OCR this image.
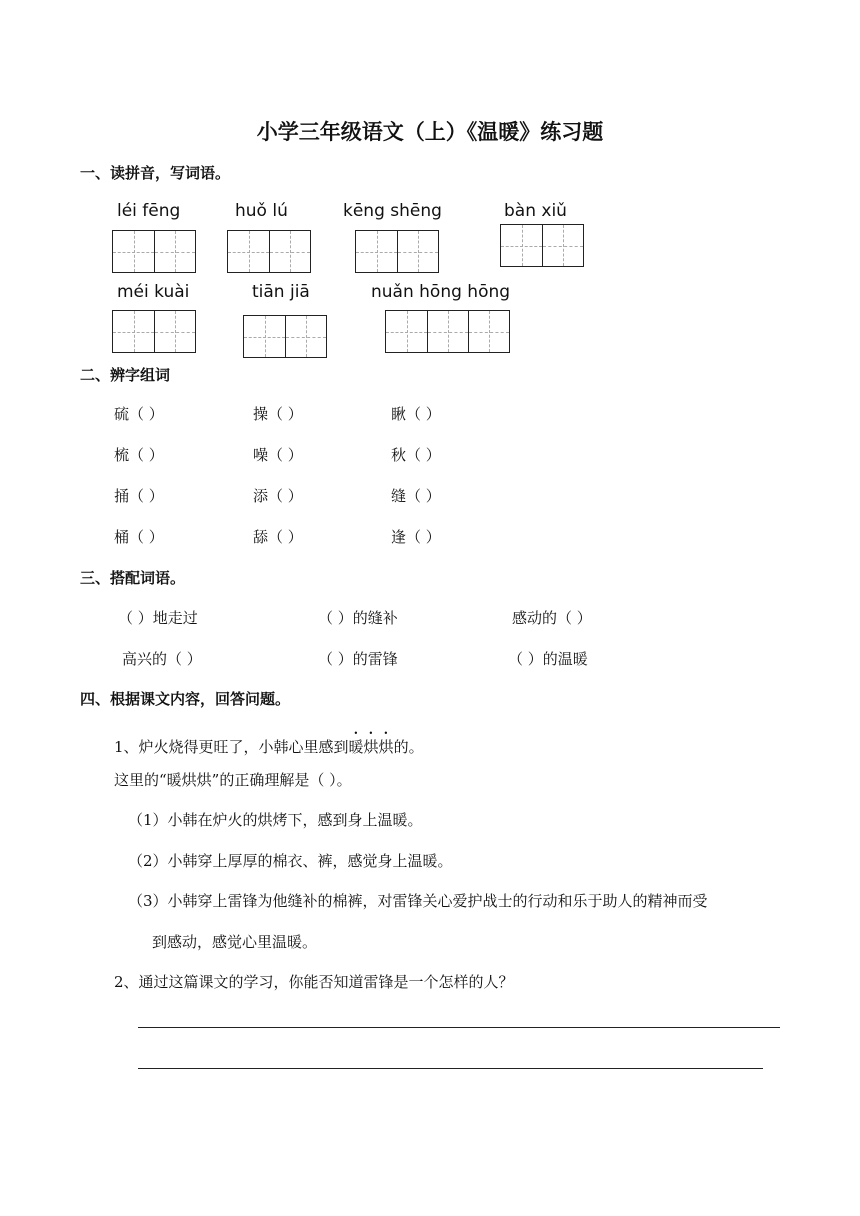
小学三年级语文（上）《温暖》练习题
一、读拼音，写词语。
léi fēng	huǒ lú	kēng shēng	bàn xiǔ
méi kuài	tiān jiā	nuǎn hōng hōng
二、辨字组词
硫（ ）	操（ ）	瞅（ ）
梳（ ）	噪（ ）	秋（ ）
捅（ ）	添（ ）	缝（ ）
桶（ ）	舔（ ）	逢（ ）
三、搭配词语。
（ ）地走过	（ ）的缝补	感动的（ ）
高兴的（ ）	（ ）的雷锋	（ ）的温暖
四、根据课文内容，回答问题。
1、炉火烧得更旺了，小韩心里感到暖烘烘的。
这里的“暖烘烘”的正确理解是（ ）。
（1）小韩在炉火的烘烤下，感到身上温暖。
（2）小韩穿上厚厚的棉衣、裤，感觉身上温暖。
（3）小韩穿上雷锋为他缝补的棉裤，对雷锋关心爱护战士的行动和乐于助人的精神而受
到感动，感觉心里温暖。
2、通过这篇课文的学习，你能否知道雷锋是一个怎样的人？
